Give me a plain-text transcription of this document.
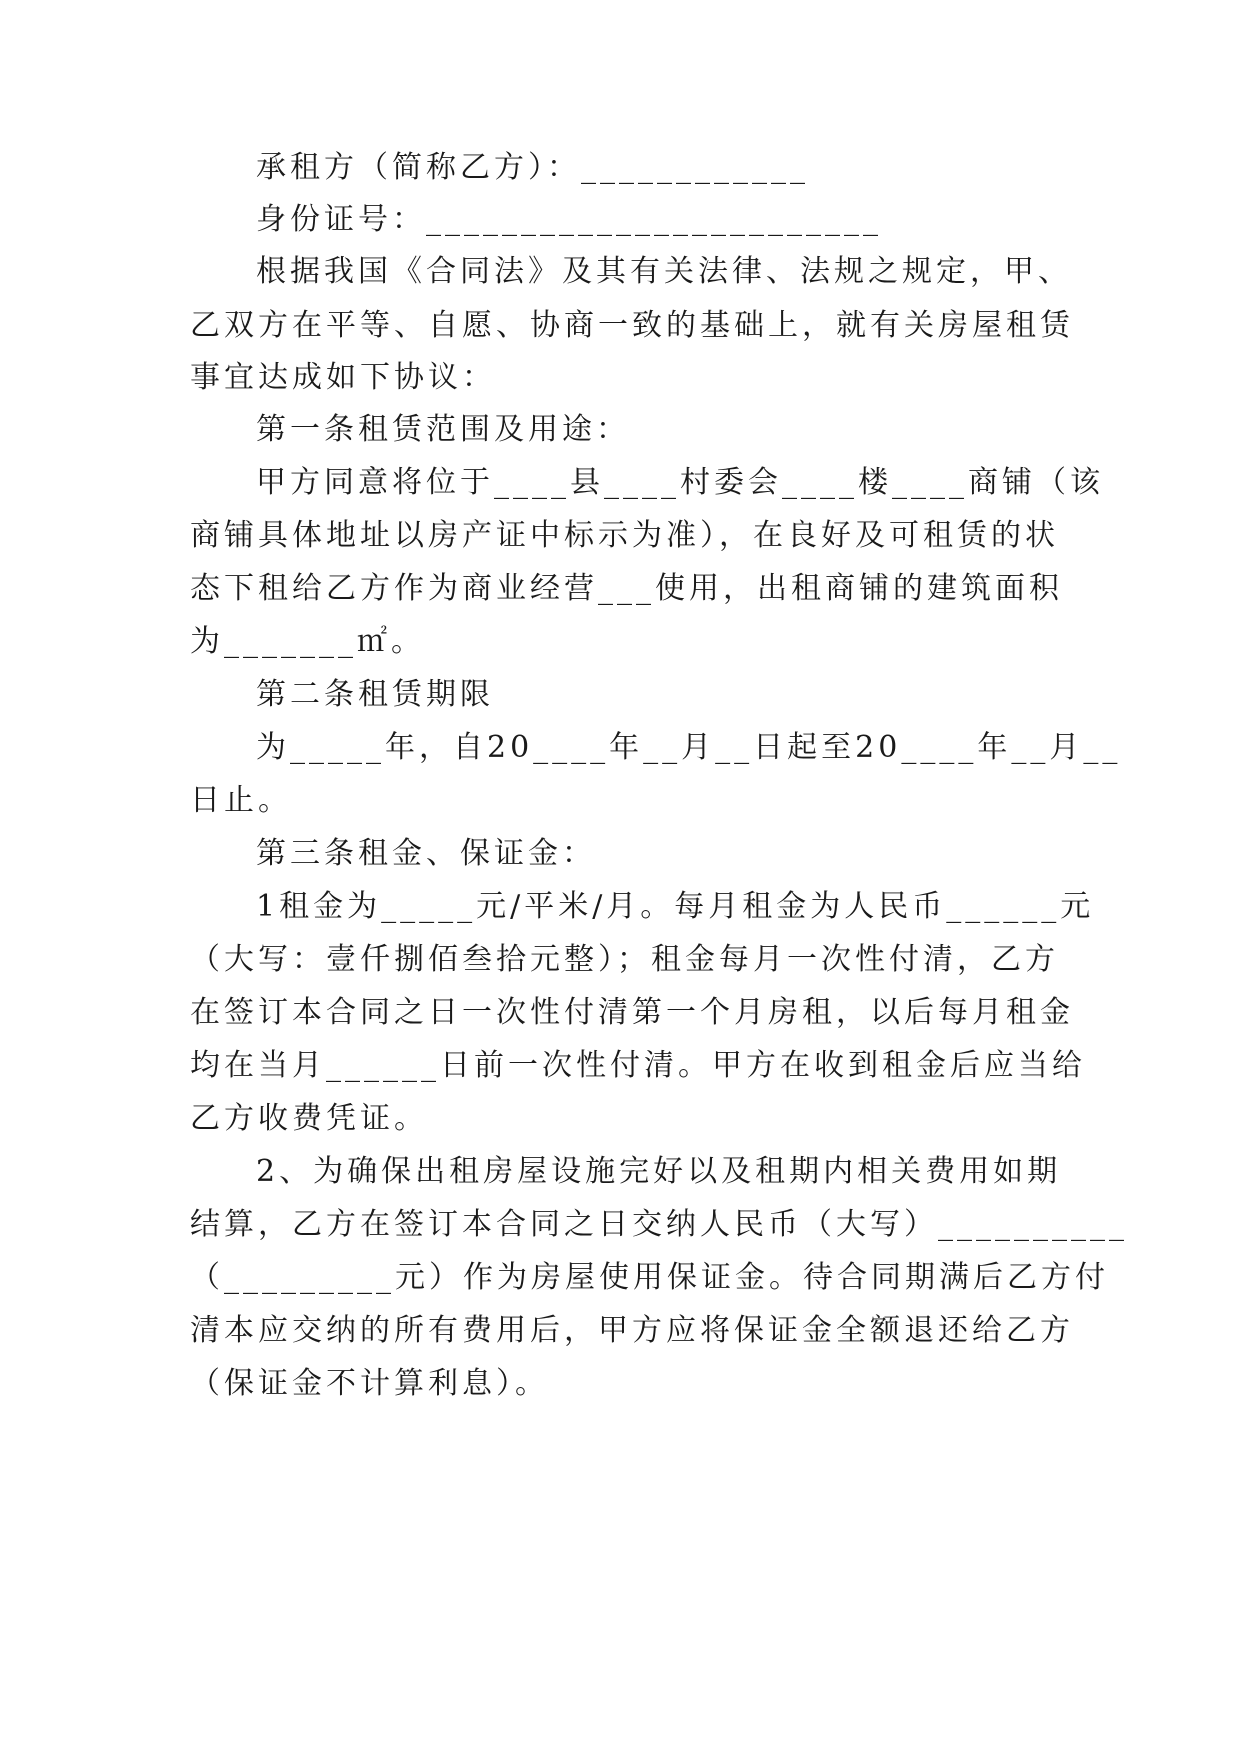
承租方（简称乙方）：____________

身份证号：________________________

根据我国《合同法》及其有关法律、法规之规定，甲、

乙双方在平等、自愿、协商一致的基础上，就有关房屋租赁

事宜达成如下协议：

第一条租赁范围及用途：

甲方同意将位于____县____村委会____楼____商铺（该

商铺具体地址以房产证中标示为准），在良好及可租赁的状

态下租给乙方作为商业经营___使用，出租商铺的建筑面积

为_______㎡。

第二条租赁期限

为_____年，自20____年__月__日起至20____年__月__

日止。

第三条租金、保证金：

1租金为_____元/平米/月。每月租金为人民币______元

（大写：壹仟捌佰叁拾元整）；租金每月一次性付清，乙方

在签订本合同之日一次性付清第一个月房租，以后每月租金

均在当月______日前一次性付清。甲方在收到租金后应当给

乙方收费凭证。

2、为确保出租房屋设施完好以及租期内相关费用如期

结算，乙方在签订本合同之日交纳人民币（大写）__________

（_________元）作为房屋使用保证金。待合同期满后乙方付

清本应交纳的所有费用后，甲方应将保证金全额退还给乙方

（保证金不计算利息）。
